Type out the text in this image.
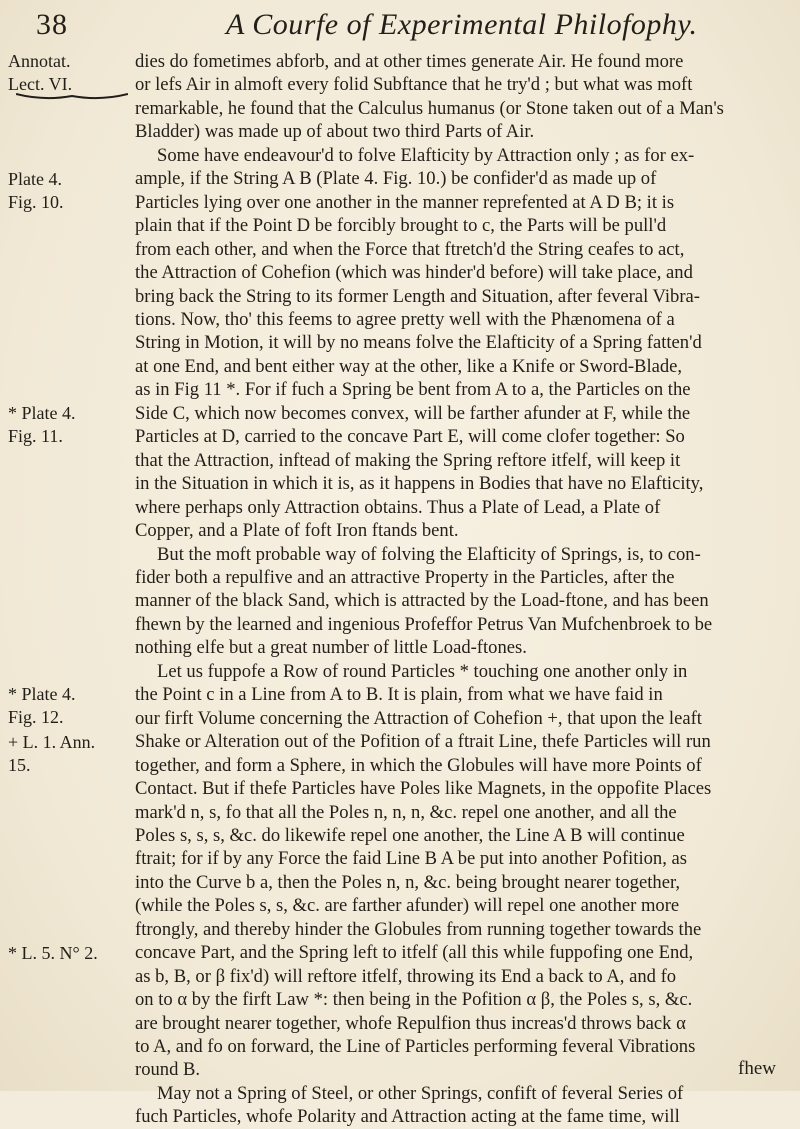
38	A Courfe of Experimental Philofophy.
Annotat.
Lect. VI.
Plate 4.
Fig. 10.
* Plate 4.
Fig. 11.
* Plate 4.
Fig. 12.
+ L. 1. Ann.
15.
* L. 5. N° 2.
dies do fometimes abforb, and at other times generate Air. He found more
or lefs Air in almoft every folid Subftance that he try'd ; but what was moft
remarkable, he found that the Calculus humanus (or Stone taken out of a Man's
Bladder) was made up of about two third Parts of Air.
Some have endeavour'd to folve Elafticity by Attraction only ; as for ex-
ample, if the String A B (Plate 4. Fig. 10.) be confider'd as made up of
Particles lying over one another in the manner reprefented at A D B; it is
plain that if the Point D be forcibly brought to c, the Parts will be pull'd
from each other, and when the Force that ftretch'd the String ceafes to act,
the Attraction of Cohefion (which was hinder'd before) will take place, and
bring back the String to its former Length and Situation, after feveral Vibra-
tions. Now, tho' this feems to agree pretty well with the Phænomena of a
String in Motion, it will by no means folve the Elafticity of a Spring fatten'd
at one End, and bent either way at the other, like a Knife or Sword-Blade,
as in Fig 11 *. For if fuch a Spring be bent from A to a, the Particles on the
Side C, which now becomes convex, will be farther afunder at F, while the
Particles at D, carried to the concave Part E, will come clofer together: So
that the Attraction, inftead of making the Spring reftore itfelf, will keep it
in the Situation in which it is, as it happens in Bodies that have no Elafticity,
where perhaps only Attraction obtains. Thus a Plate of Lead, a Plate of
Copper, and a Plate of foft Iron ftands bent.
But the moft probable way of folving the Elafticity of Springs, is, to con-
fider both a repulfive and an attractive Property in the Particles, after the
manner of the black Sand, which is attracted by the Load-ftone, and has been
fhewn by the learned and ingenious Profeffor Petrus Van Mufchenbroek to be
nothing elfe but a great number of little Load-ftones.
Let us fuppofe a Row of round Particles * touching one another only in
the Point c in a Line from A to B. It is plain, from what we have faid in
our firft Volume concerning the Attraction of Cohefion +, that upon the leaft
Shake or Alteration out of the Pofition of a ftrait Line, thefe Particles will run
together, and form a Sphere, in which the Globules will have more Points of
Contact. But if thefe Particles have Poles like Magnets, in the oppofite Places
mark'd n, s, fo that all the Poles n, n, n, &c. repel one another, and all the
Poles s, s, s, &c. do likewife repel one another, the Line A B will continue
ftrait; for if by any Force the faid Line B A be put into another Pofition, as
into the Curve b a, then the Poles n, n, &c. being brought nearer together,
(while the Poles s, s, &c. are farther afunder) will repel one another more
ftrongly, and thereby hinder the Globules from running together towards the
concave Part, and the Spring left to itfelf (all this while fuppofing one End,
as b, B, or β fix'd) will reftore itfelf, throwing its End a back to A, and fo
on to α by the firft Law *: then being in the Pofition α β, the Poles s, s, &c.
are brought nearer together, whofe Repulfion thus increas'd throws back α
to A, and fo on forward, the Line of Particles performing feveral Vibrations
round B.
May not a Spring of Steel, or other Springs, confift of feveral Series of
fuch Particles, whofe Polarity and Attraction acting at the fame time, will
fhew
